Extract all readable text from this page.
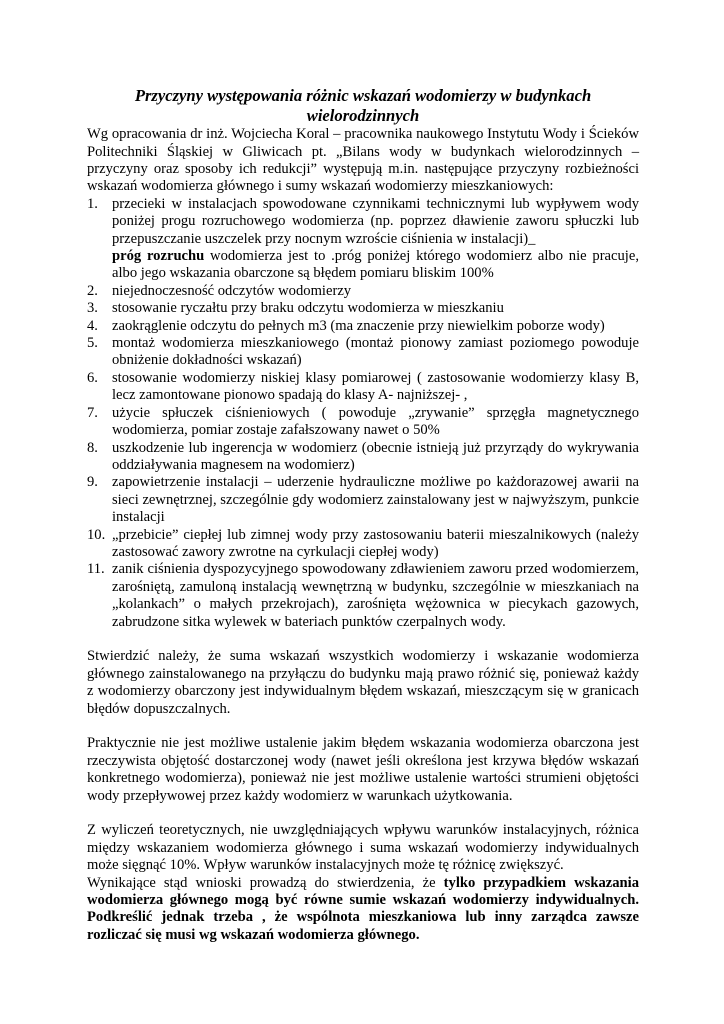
Przyczyny występowania różnic wskazań wodomierzy w budynkach
wielorodzinnych

Wg opracowania dr inż. Wojciecha Koral – pracownika naukowego Instytutu Wody i Ścieków Politechniki Śląskiej w Gliwicach pt. „Bilans wody w budynkach wielorodzinnych – przyczyny oraz sposoby ich redukcji” występują m.in. następujące przyczyny rozbieżności wskazań wodomierza głównego i sumy wskazań wodomierzy mieszkaniowych:

1. przecieki w instalacjach spowodowane czynnikami technicznymi lub wypływem wody poniżej progu rozruchowego wodomierza (np. poprzez dławienie zaworu spłuczki lub przepuszczanie uszczelek przy nocnym wzroście ciśnienia w instalacji)_
próg rozruchu wodomierza jest to .próg poniżej którego wodomierz albo nie pracuje, albo jego wskazania obarczone są błędem pomiaru bliskim 100%
2. niejednoczesność odczytów wodomierzy
3. stosowanie ryczałtu przy braku odczytu wodomierza w mieszkaniu
4. zaokrąglenie odczytu do pełnych m3 (ma znaczenie przy niewielkim poborze wody)
5. montaż wodomierza mieszkaniowego (montaż pionowy zamiast poziomego powoduje obniżenie dokładności wskazań)
6. stosowanie wodomierzy niskiej klasy pomiarowej ( zastosowanie wodomierzy klasy B, lecz zamontowane pionowo spadają do klasy A- najniższej- ,
7. użycie spłuczek ciśnieniowych ( powoduje „zrywanie” sprzęgła magnetycznego wodomierza, pomiar zostaje zafałszowany nawet o 50%
8. uszkodzenie lub ingerencja w wodomierz (obecnie istnieją już przyrządy do wykrywania oddziaływania magnesem na wodomierz)
9. zapowietrzenie instalacji – uderzenie hydrauliczne możliwe po każdorazowej awarii na sieci zewnętrznej, szczególnie gdy wodomierz zainstalowany jest w najwyższym, punkcie instalacji
10. „przebicie” ciepłej lub zimnej wody przy zastosowaniu baterii mieszalnikowych (należy zastosować zawory zwrotne na cyrkulacji ciepłej wody)
11. zanik ciśnienia dyspozycyjnego spowodowany zdławieniem zaworu przed wodomierzem, zarośniętą, zamuloną instalacją wewnętrzną w budynku, szczególnie w mieszkaniach na „kolankach” o małych przekrojach), zarośnięta wężownica w piecykach gazowych, zabrudzone sitka wylewek w bateriach punktów czerpalnych wody.

Stwierdzić należy, że suma wskazań wszystkich wodomierzy i wskazanie wodomierza głównego zainstalowanego na przyłączu do budynku mają prawo różnić się, ponieważ każdy z wodomierzy obarczony jest indywidualnym błędem wskazań, mieszczącym się w granicach błędów dopuszczalnych.

Praktycznie nie jest możliwe ustalenie jakim błędem wskazania wodomierza obarczona jest rzeczywista objętość dostarczonej wody (nawet jeśli określona jest krzywa błędów wskazań konkretnego wodomierza), ponieważ nie jest możliwe ustalenie wartości strumieni objętości wody przepływowej przez każdy wodomierz w warunkach użytkowania.

Z wyliczeń teoretycznych, nie uwzględniających wpływu warunków instalacyjnych, różnica między wskazaniem wodomierza głównego i suma wskazań wodomierzy indywidualnych może sięgnąć 10%. Wpływ warunków instalacyjnych może tę różnicę zwiększyć.

Wynikające stąd wnioski prowadzą do stwierdzenia, że tylko przypadkiem wskazania wodomierza głównego mogą być równe sumie wskazań wodomierzy indywidualnych. Podkreślić jednak trzeba , że wspólnota mieszkaniowa lub inny zarządca zawsze rozliczać się musi wg wskazań wodomierza głównego.
